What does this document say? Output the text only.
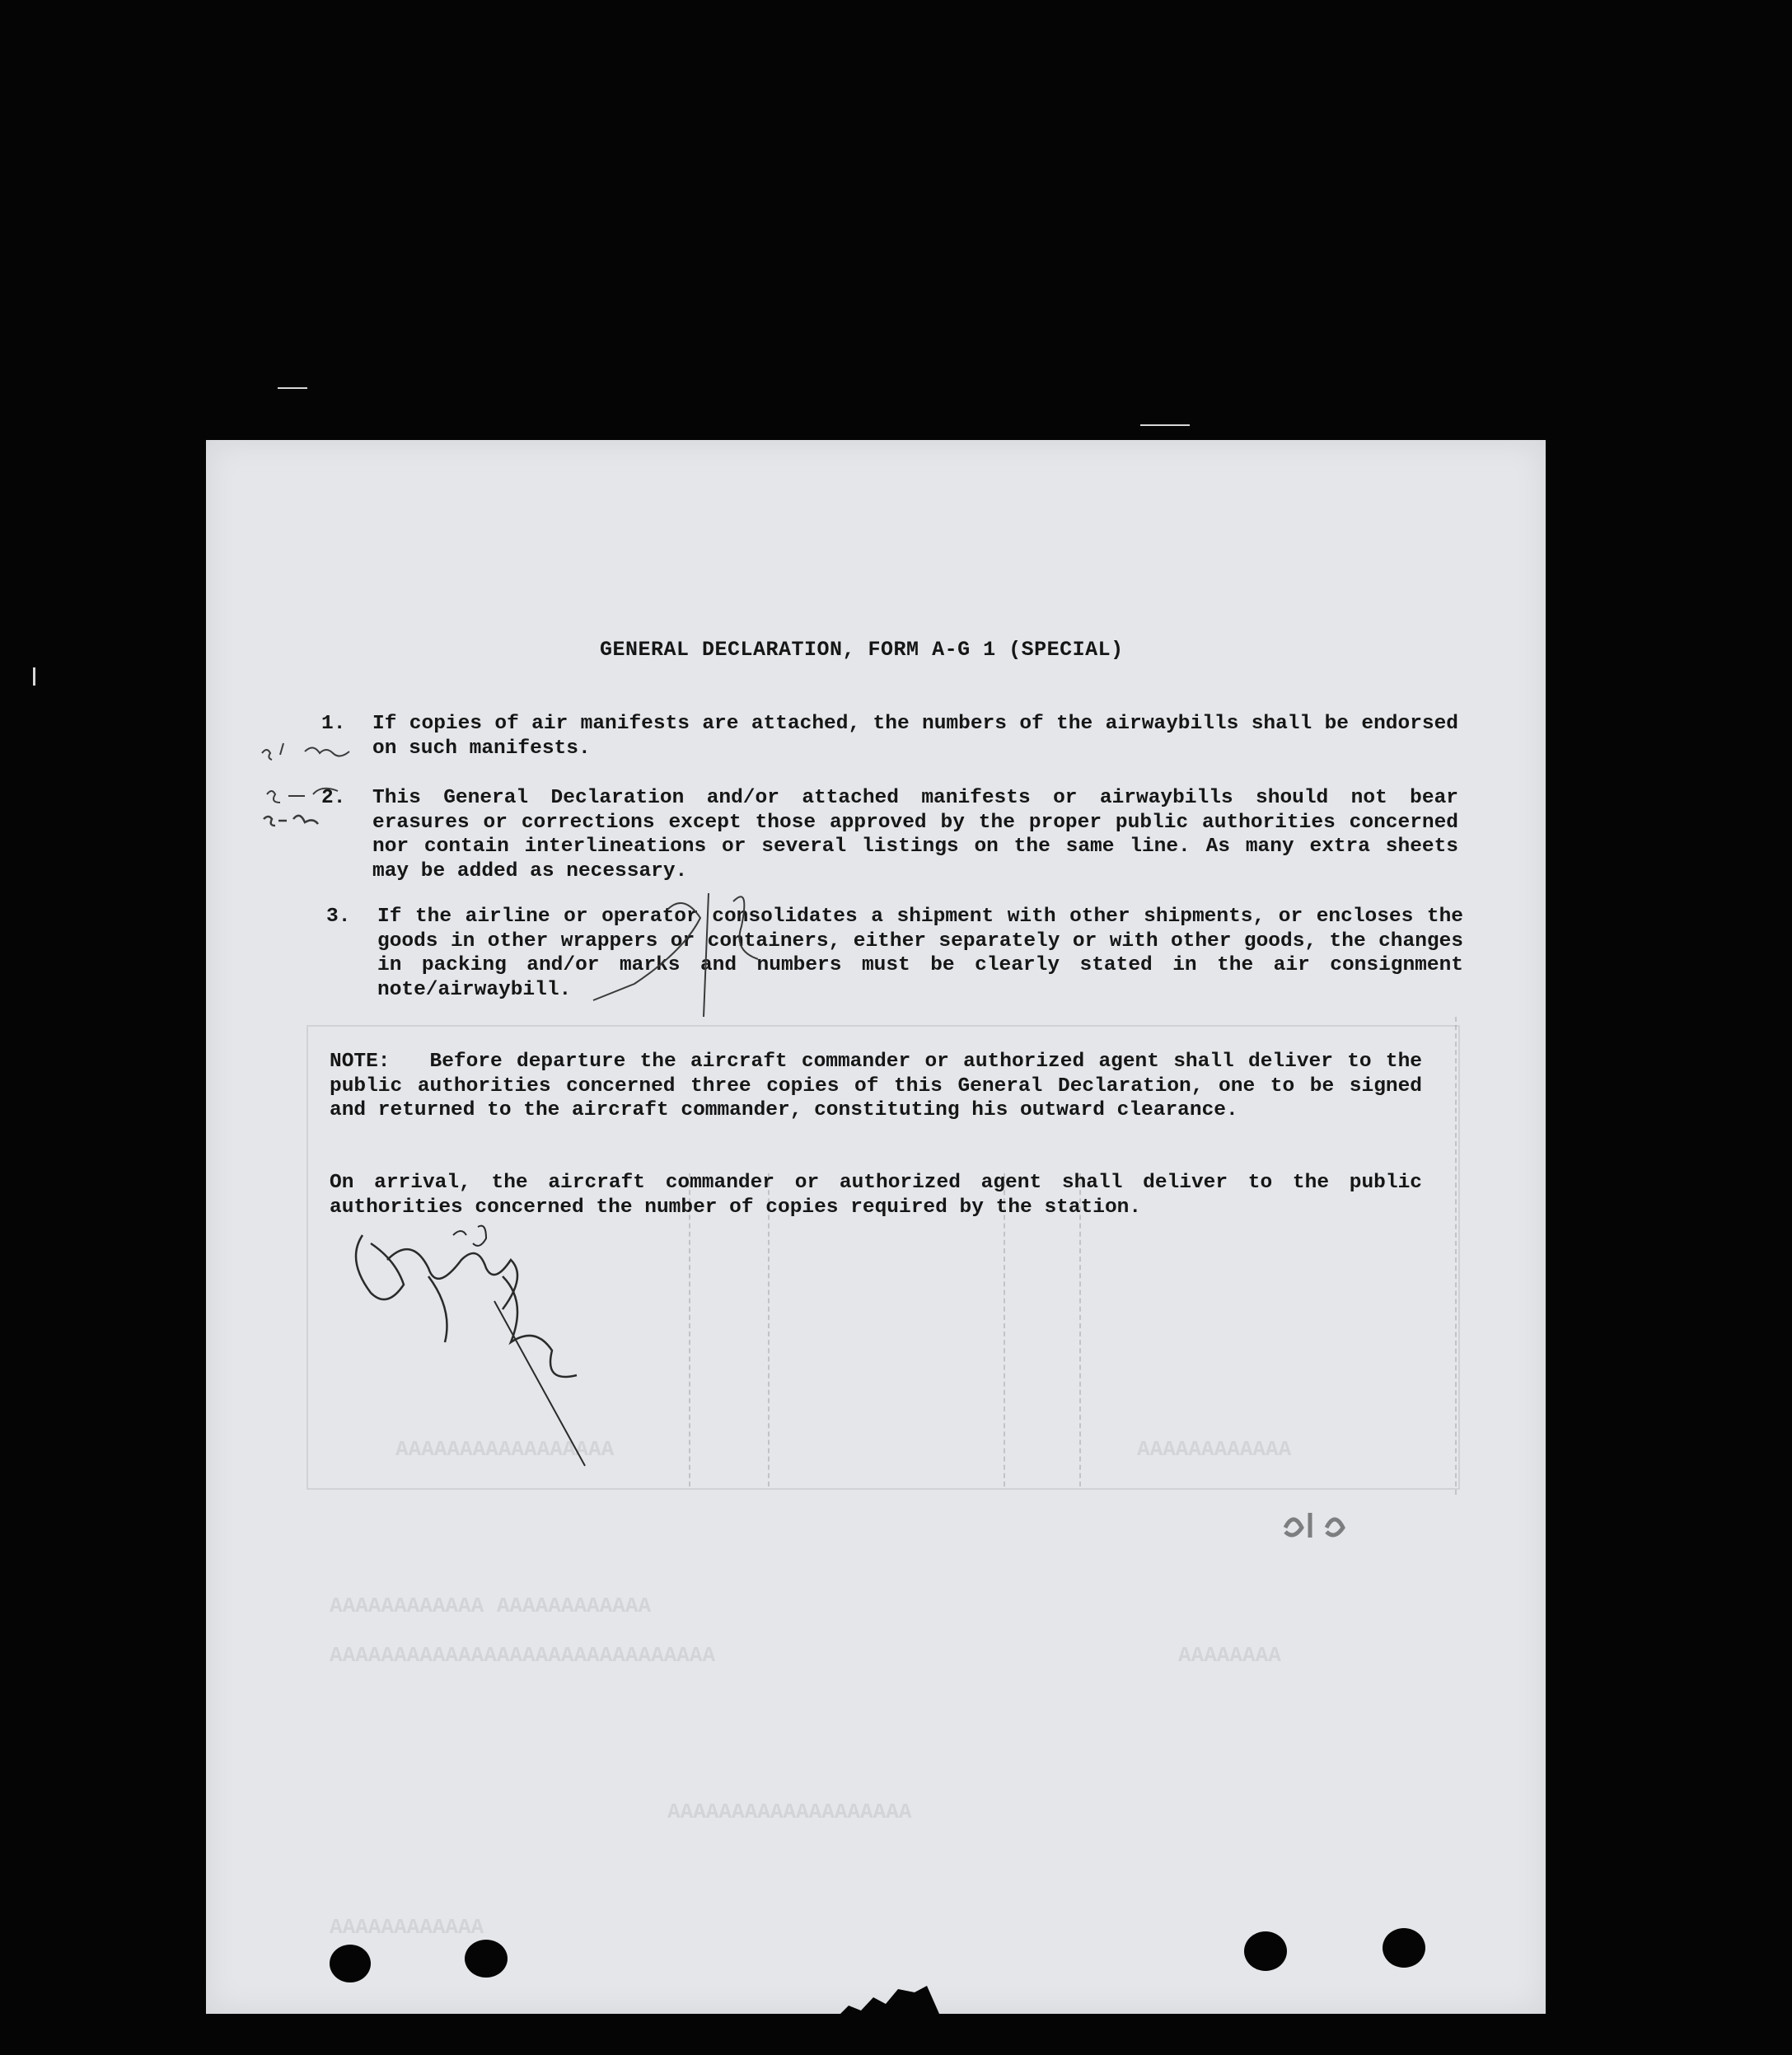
AAAAAAAAAAAAAAAAA	AAAAAAAAAAAA
AAAAAAAAAAAA AAAAAAAAAAAA
AAAAAAAAAAAAAAAAAAAAAAAAAAAAAA	AAAAAAAA
AAAAAAAAAAAAAAAAAAA
AAAAAAAAAAAA
GENERAL DECLARATION, FORM A-G 1 (SPECIAL)
1. If copies of air manifests are attached, the numbers of the airwaybills shall be endorsed on such manifests.
2. This General Declaration and/or attached manifests or airwaybills should not bear erasures or corrections except those approved by the proper public authorities concerned nor contain interlineations or several listings on the same line. As many extra sheets may be added as necessary.
3. If the airline or operator consolidates a shipment with other shipments, or encloses the goods in other wrappers or containers, either separately or with other goods, the changes in packing and/or marks and numbers must be clearly stated in the air consignment note/airwaybill.
NOTE: Before departure the aircraft commander or authorized agent shall deliver to the public authorities concerned three copies of this General Declaration, one to be signed and returned to the aircraft commander, constituting his outward clearance.
On arrival, the aircraft commander or authorized agent shall deliver to the public authorities concerned the number of copies required by the station.
